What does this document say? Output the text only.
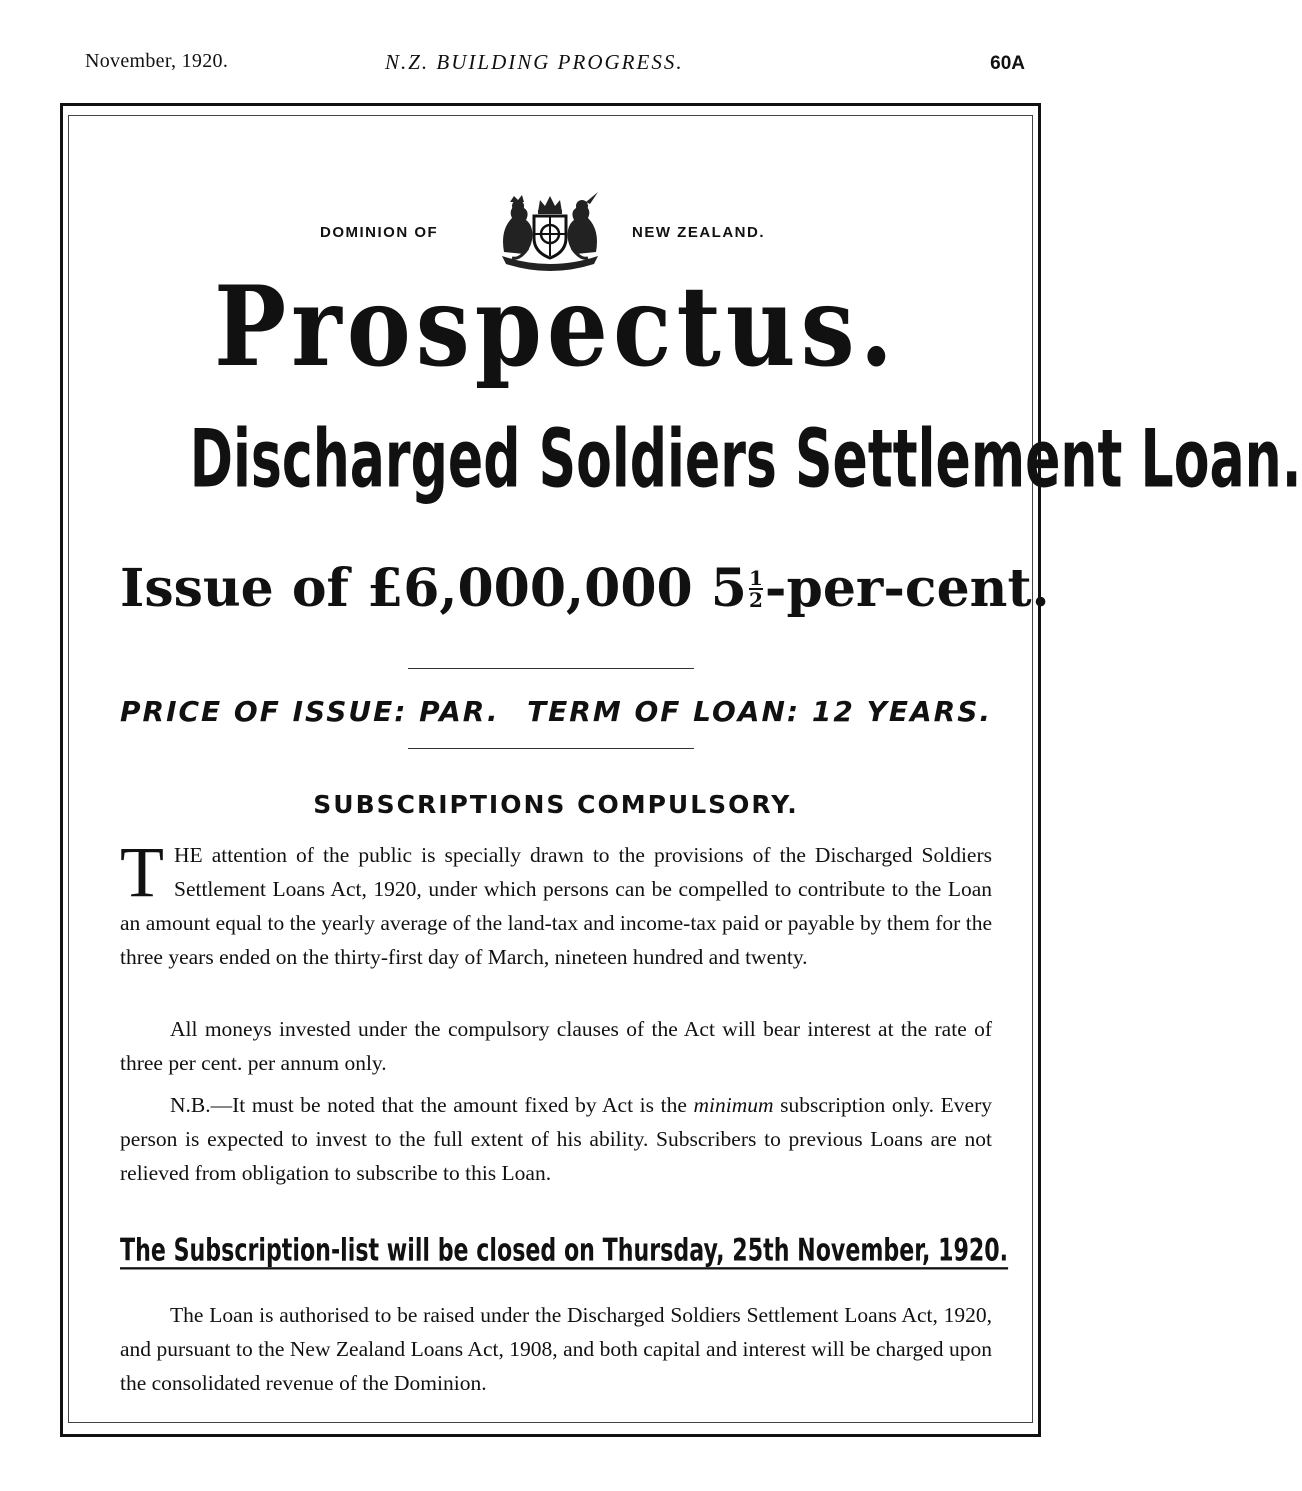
November, 1920.	N.Z. BUILDING PROGRESS.	60A
DOMINION OF	NEW ZEALAND.
Prospectus.
Discharged Soldiers Settlement Loan.
Issue of £6,000,000 $5 \frac{1}{2}$ -per-cent.
PRICE OF ISSUE: PAR. TERM OF LOAN: 12 YEARS.
SUBSCRIPTIONS COMPULSORY.
THE attention of the public is specially drawn to the provisions of the Discharged Soldiers Settlement Loans Act, 1920, under which persons can be compelled to contribute to the Loan an amount equal to the yearly average of the land-tax and income-tax paid or payable by them for the three years ended on the thirty-first day of March, nineteen hundred and twenty.
All moneys invested under the compulsory clauses of the Act will bear interest at the rate of three per cent. per annum only.
N.B.—It must be noted that the amount fixed by Act is the minimum subscription only. Every person is expected to invest to the full extent of his ability. Subscribers to previous Loans are not relieved from obligation to subscribe to this Loan.
The Subscription-list will be closed on Thursday, 25th November, 1920.
The Loan is authorised to be raised under the Discharged Soldiers Settlement Loans Act, 1920, and pursuant to the New Zealand Loans Act, 1908, and both capital and interest will be charged upon the consolidated revenue of the Dominion.
